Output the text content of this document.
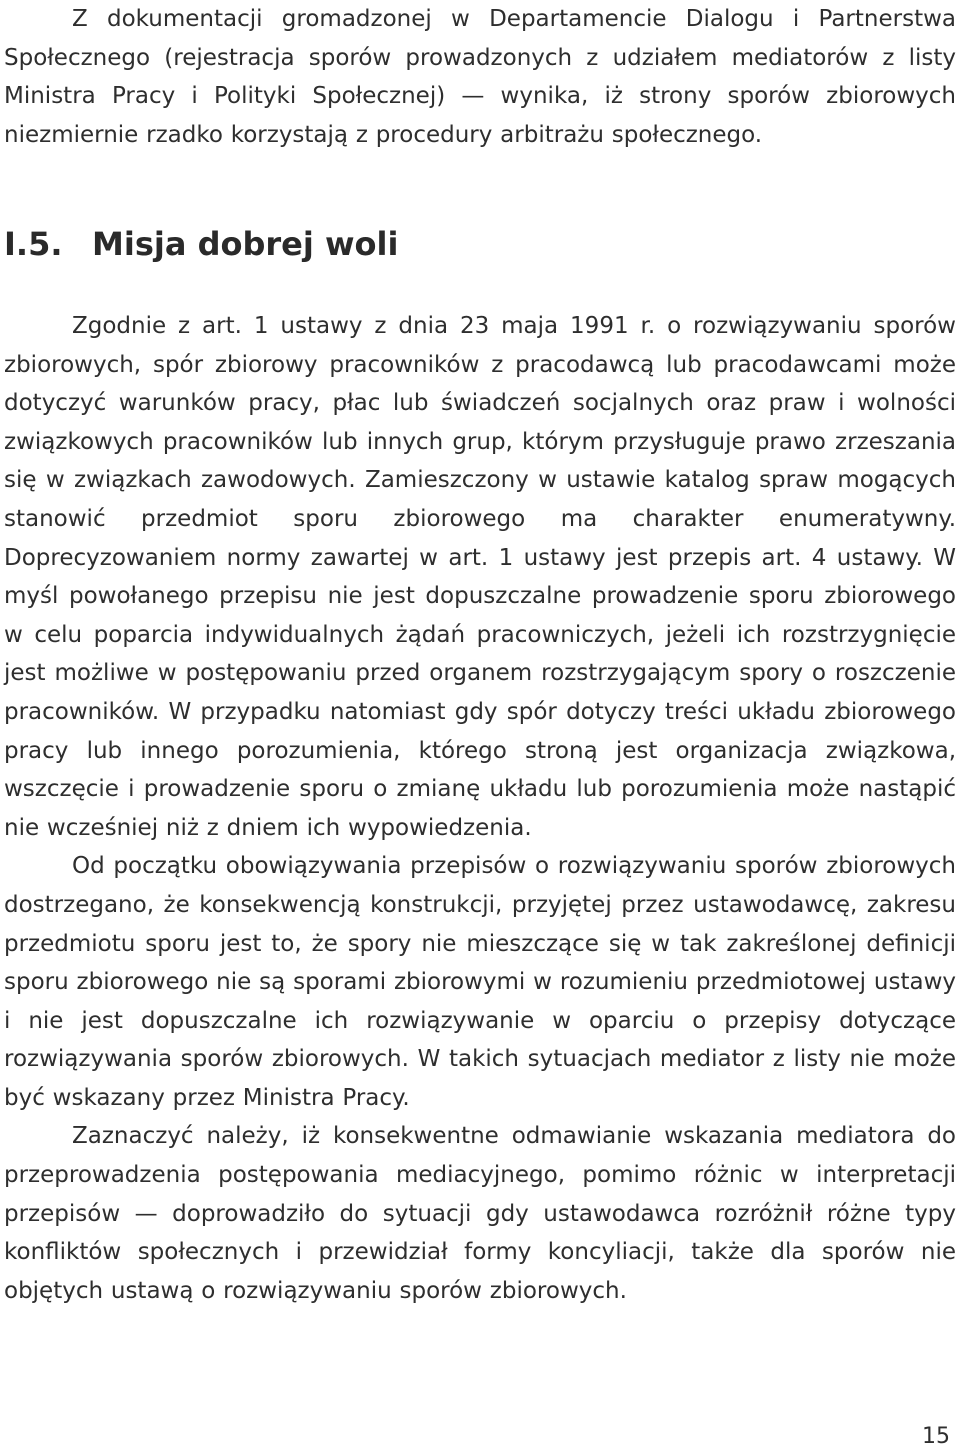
Z dokumentacji gromadzonej w Departamencie Dialogu i Partnerstwa Społecznego (rejestracja sporów prowadzonych z udziałem mediatorów z listy Ministra Pracy i Polityki Społecznej) — wynika, iż strony sporów zbiorowych niezmiernie rzadko korzystają z procedury arbitrażu społecznego.

I.5. Misja dobrej woli

Zgodnie z art. 1 ustawy z dnia 23 maja 1991 r. o rozwiązywaniu sporów zbiorowych, spór zbiorowy pracowników z pracodawcą lub pracodawcami może dotyczyć warunków pracy, płac lub świadczeń socjalnych oraz praw i wolności związkowych pracowników lub innych grup, którym przysługuje prawo zrzeszania się w związkach zawodowych. Zamieszczony w ustawie katalog spraw mogących stanowić przedmiot sporu zbiorowego ma charakter enumeratywny. Doprecyzowaniem normy zawartej w art. 1 ustawy jest przepis art. 4 ustawy. W myśl powołanego przepisu nie jest dopuszczalne prowadzenie sporu zbiorowego w celu poparcia indywidualnych żądań pracowniczych, jeżeli ich rozstrzygnięcie jest możliwe w postępowaniu przed organem rozstrzygającym spory o roszczenie pracowników. W przypadku natomiast gdy spór dotyczy treści układu zbiorowego pracy lub innego porozumienia, którego stroną jest organizacja związkowa, wszczęcie i prowadzenie sporu o zmianę układu lub porozumienia może nastąpić nie wcześniej niż z dniem ich wypowiedzenia.

Od początku obowiązywania przepisów o rozwiązywaniu sporów zbiorowych dostrzegano, że konsekwencją konstrukcji, przyjętej przez ustawodawcę, zakresu przedmiotu sporu jest to, że spory nie mieszczące się w tak zakreślonej definicji sporu zbiorowego nie są sporami zbiorowymi w rozumieniu przedmiotowej ustawy i nie jest dopuszczalne ich rozwiązywanie w oparciu o przepisy dotyczące rozwiązywania sporów zbiorowych. W takich sytuacjach mediator z listy nie może być wskazany przez Ministra Pracy.

Zaznaczyć należy, iż konsekwentne odmawianie wskazania mediatora do przeprowadzenia postępowania mediacyjnego, pomimo różnic w interpretacji przepisów — doprowadziło do sytuacji gdy ustawodawca rozróżnił różne typy konfliktów społecznych i przewidział formy koncyliacji, także dla sporów nie objętych ustawą o rozwiązywaniu sporów zbiorowych.

15
